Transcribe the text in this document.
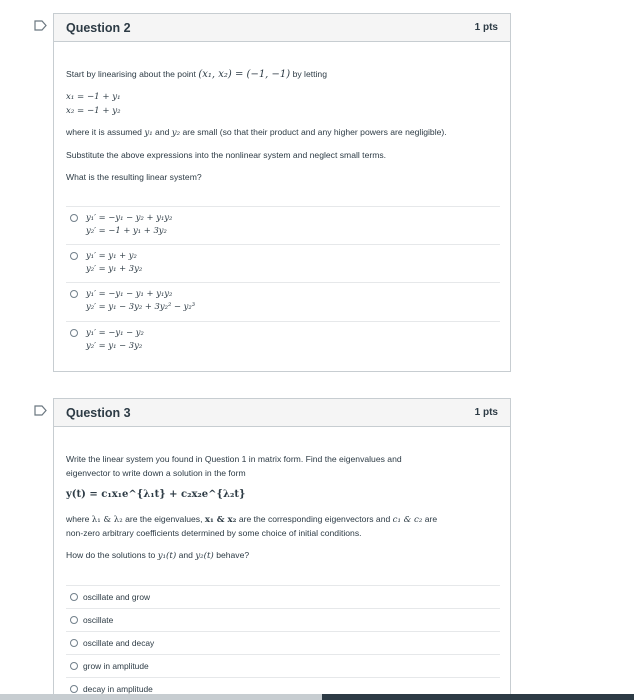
Question 2	1 pts
Start by linearising about the point (x₁, x₂) = (−1, −1) by letting
x₁ = −1 + y₁
x₂ = −1 + y₂
where it is assumed y₁ and y₂ are small (so that their product and any higher powers are negligible).
Substitute the above expressions into the nonlinear system and neglect small terms.
What is the resulting linear system?
y₁′ = −y₁ − y₂ + y₁y₂
y₂′ = −1 + y₁ + 3y₂
y₁′ = y₁ + y₂
y₂′ = y₁ + 3y₂
y₁′ = −y₁ − y₁ + y₁y₂
y₂′ = y₁ − 3y₂ + 3y₂² − y₂³
y₁′ = −y₁ − y₂
y₂′ = y₁ − 3y₂
Question 3	1 pts
Write the linear system you found in Question 1 in matrix form. Find the eigenvalues and
eigenvector to write down a solution in the form
y(t) = c₁x₁e^{λ₁t} + c₂x₂e^{λ₂t}
where λ₁ & λ₂ are the eigenvalues, x₁ & x₂ are the corresponding eigenvectors and c₁ & c₂ are
non-zero arbitrary coefficients determined by some choice of initial conditions.
How do the solutions to y₁(t) and y₂(t) behave?
oscillate and grow
oscillate
oscillate and decay
grow in amplitude
decay in amplitude
